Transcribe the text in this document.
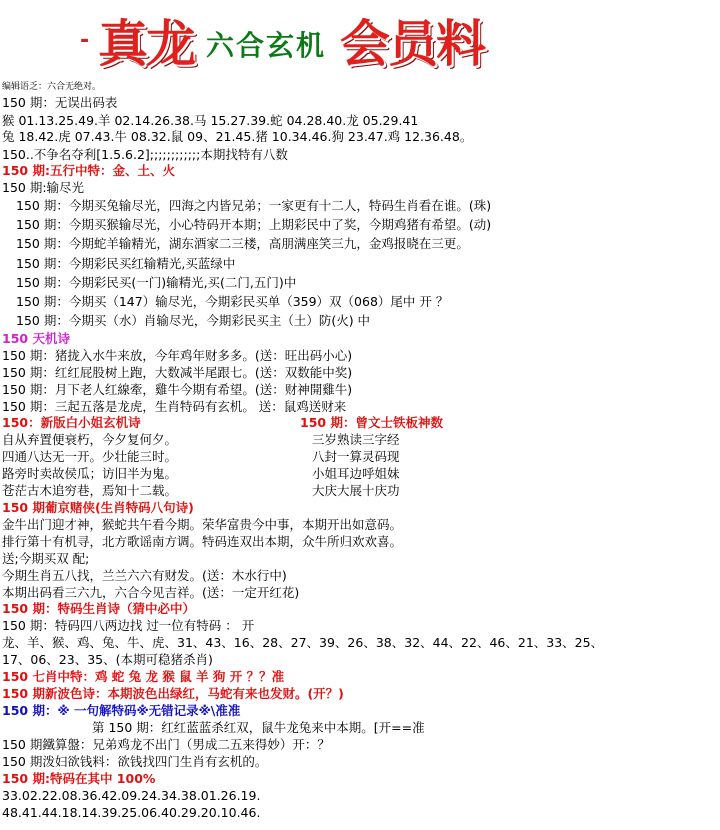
- 真龙 六合玄机 会员料
编辑语乏：六合无绝对。
150 期：无误出码表
猴 01.13.25.49.羊 02.14.26.38.马 15.27.39.蛇 04.28.40.龙 05.29.41
兔 18.42.虎 07.43.牛 08.32.鼠 09、21.45.猪 10.34.46.狗 23.47.鸡 12.36.48。
150..不争名夺利[1.5.6.2];;;;;;;;;;;;本期找特有八数
150 期:五行中特：金、土、火
150 期:输尽光
150 期：今期买兔输尽光，四海之内皆兄弟；一家更有十二人，特码生肖看在谁。(珠)
150 期：今期买猴输尽光，小心特码开本期；上期彩民中了奖，今期鸡猪有希望。(动)
150 期：今期蛇羊输精光，湖东酒家二三楼，高朋满座笑三九，金鸡报晓在三更。
150 期：今期彩民买红输精光,买蓝绿中
150 期：今期彩民买(一门)输精光,买(二门,五门)中
150 期：今期买（147）输尽光，今期彩民买单（359）双（068）尾中 开 ？
150 期：今期买（水）肖输尽光，今期彩民买主（土）防(火) 中
150 天机诗
150 期：猪拢入水牛来放，今年鸡年财多多。(送：旺出码小心)
150 期：红红屁股树上跑，大数减半尾跟七。(送：双数能中奖)
150 期：月下老人红線牽，雞牛今期有希望。(送：财神開雞牛)
150 期：三起五落是龙虎，生肖特码有玄机。 送：鼠鸡送财来
150：新版白小姐玄机诗	150 期：曾文士铁板神数
自从弃置便衰朽，今夕复何夕。	三岁熟读三字经
四通八达无一开。少壮能三时。	八封一算灵码现
路旁时卖故侯瓜；访旧半为鬼。	小姐耳边呼姐妹
苍茫古木追穷巷，焉知十二载。	大庆大展十庆功
150 期葡京赌侠(生肖特码八句诗)
金牛出门迎才神，猴蛇共午看今期。荣华富贵今中事，本期开出如意码。
排行第十有机寻，北方歌谣南方调。特码连双出本期，众牛所归欢欢喜。
送;今期买双 配;
今期生肖五八找，兰兰六六有财发。(送：木水行中)
本期出码看三六九，六合今见吉祥。(送：一定开红花)
150 期：特码生肖诗（猜中必中）
150 期：特码四八两边找 过一位有特码 ： 开
龙、羊、猴、鸡、兔、牛、虎、31、43、16、28、27、39、26、38、32、44、22、46、21、33、25、
17、06、23、35、(本期可稳猪杀肖)
150 七肖中特：鸡 蛇 兔 龙 猴 鼠 羊 狗 开 ？？准
150 期新波色诗：本期波色出绿红，马蛇有来也发财。(开？)
150 期：※ 一句解特码※无错记录※\准准
第 150 期：红红蓝蓝杀红双，鼠牛龙兔来中本期。[开==准
150 期鐵算盤：兄弟鸡龙不出门（男成二五来得妙）开：？
150 期泼妇欲钱料：欲钱找四门生肖有玄机的。
150 期:特码在其中 100%
33.02.22.08.36.42.09.24.34.38.01.26.19.
48.41.44.18.14.39.25.06.40.29.20.10.46.
